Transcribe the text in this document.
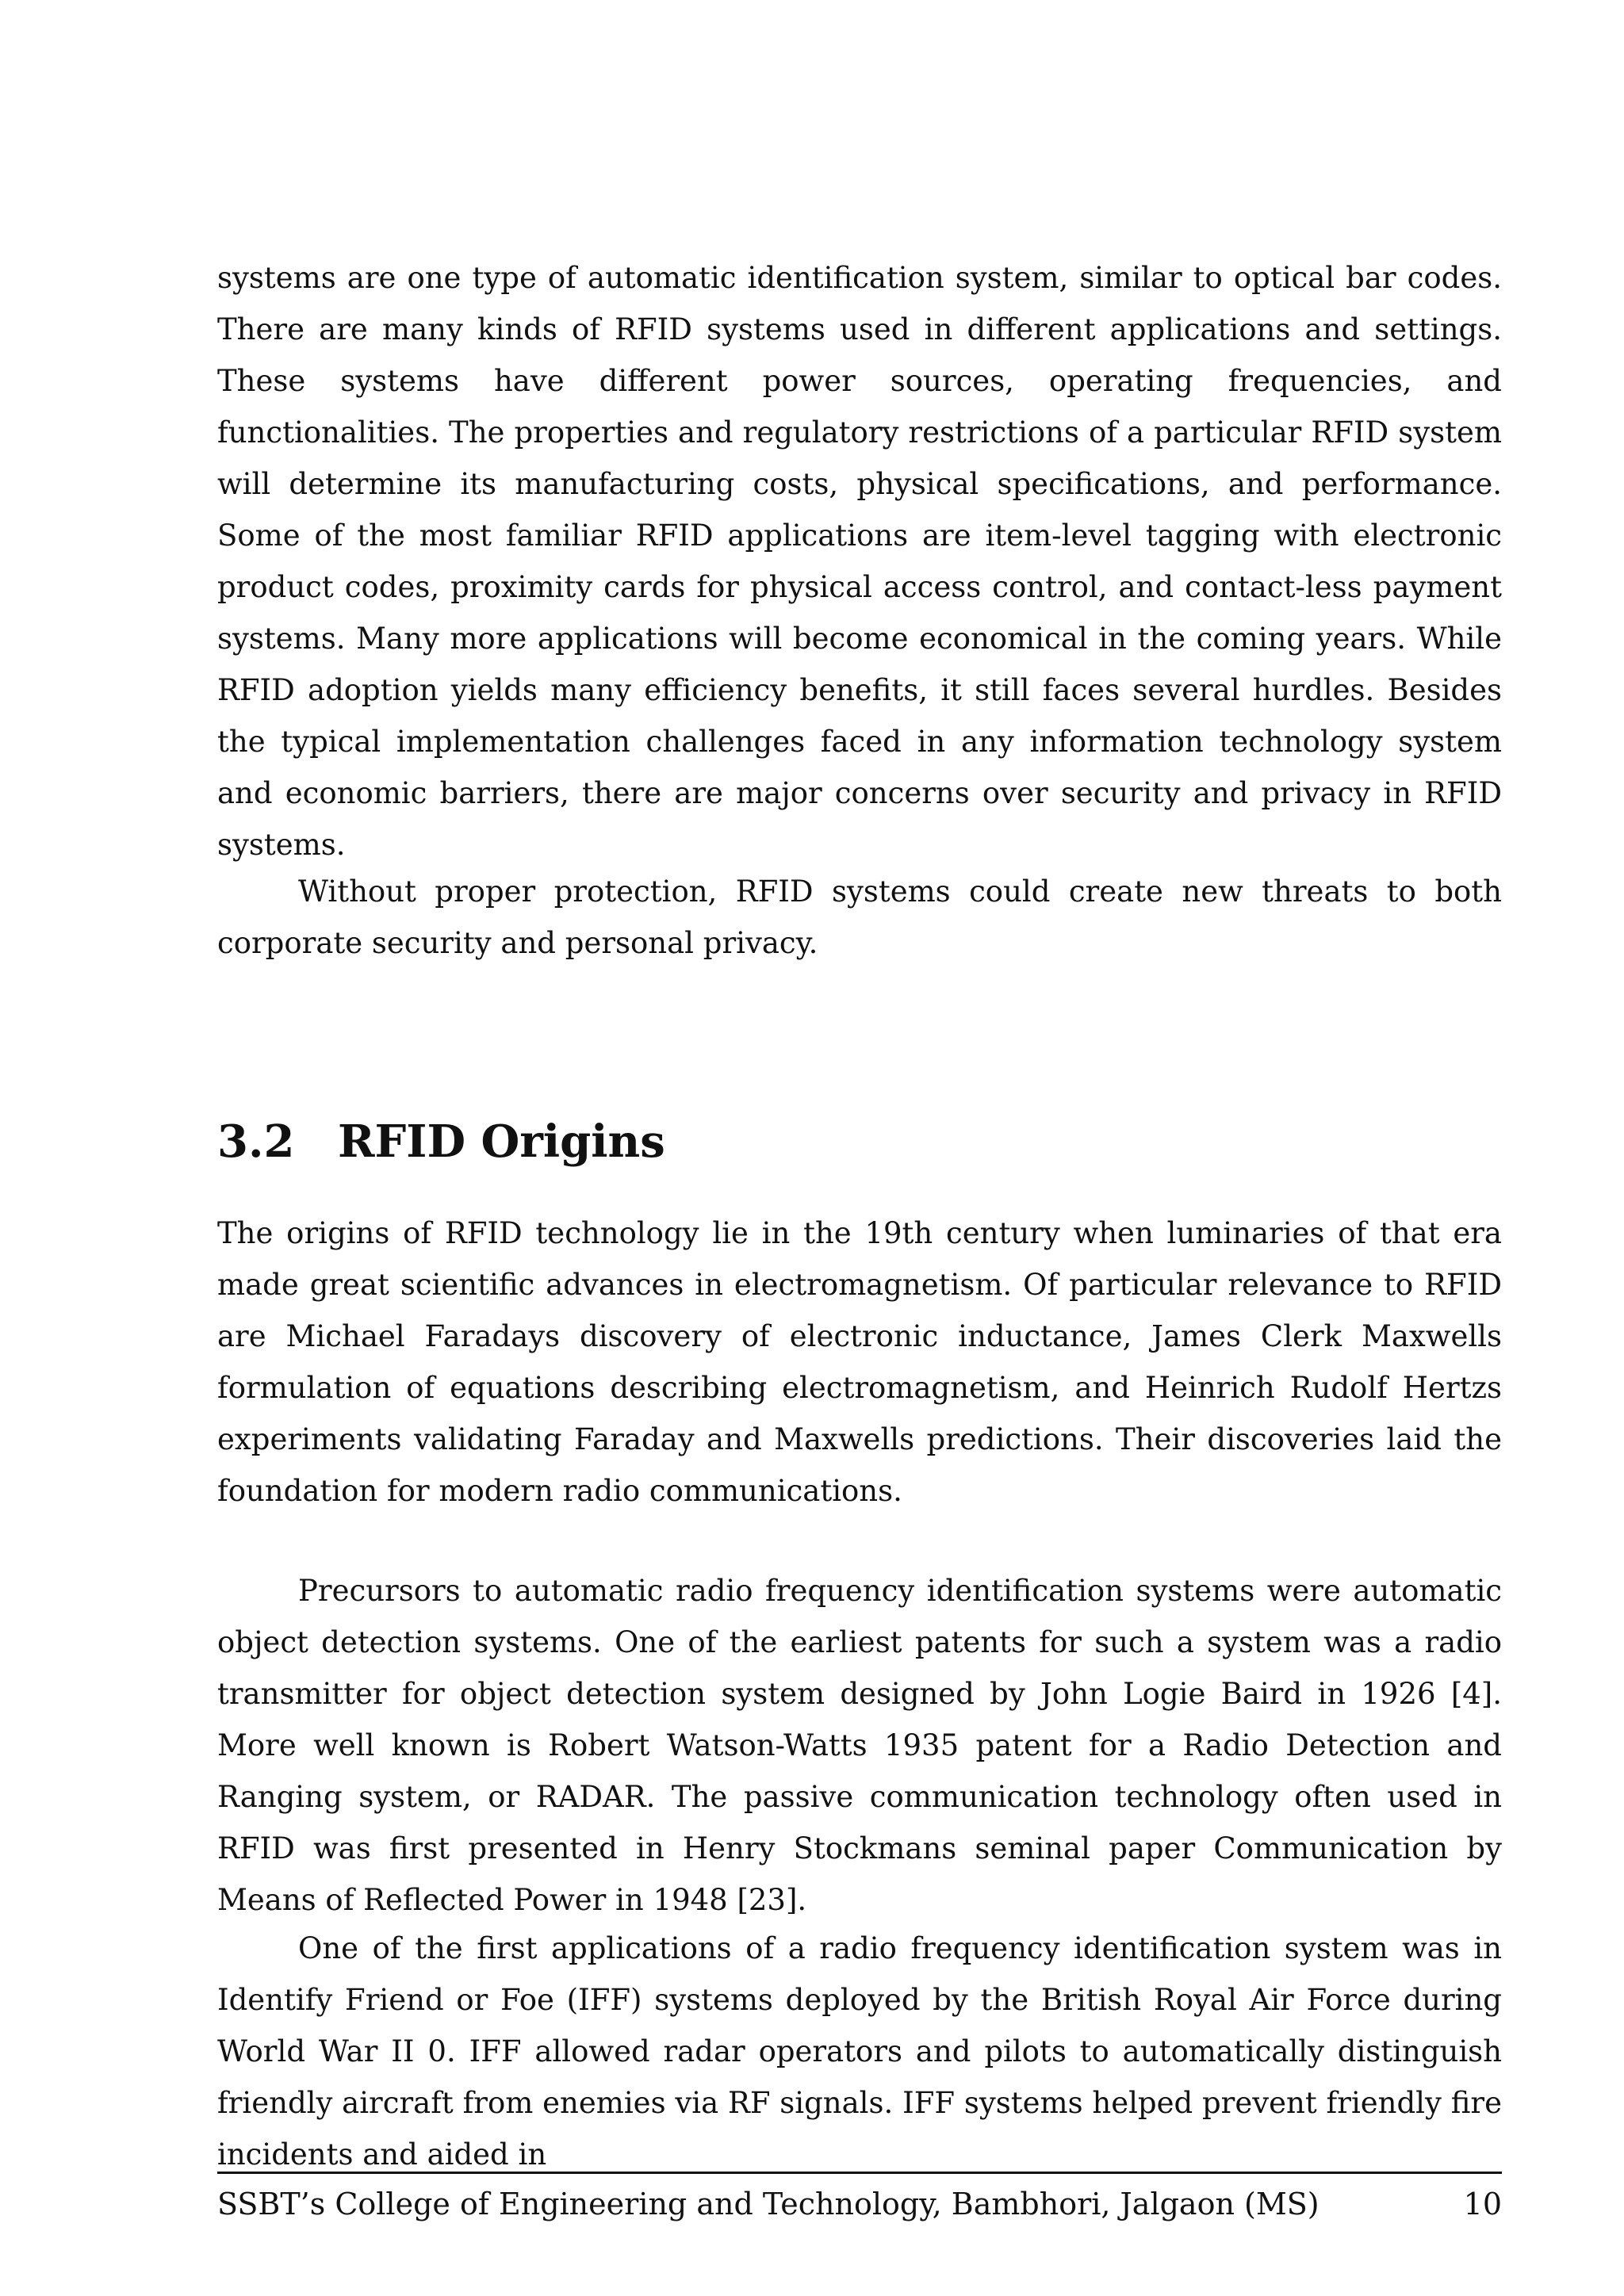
systems are one type of automatic identification system, similar to optical bar codes. There are many kinds of RFID systems used in different applications and settings. These systems have different power sources, operating frequencies, and functionalities. The properties and regulatory restrictions of a particular RFID system will determine its manufacturing costs, physical specifications, and performance. Some of the most familiar RFID applications are item-level tagging with electronic product codes, proximity cards for physical access control, and contact-less payment systems. Many more applications will become economical in the coming years. While RFID adoption yields many efficiency benefits, it still faces several hurdles. Besides the typical implementation challenges faced in any information technology system and economic barriers, there are major concerns over security and privacy in RFID systems.

Without proper protection, RFID systems could create new threats to both corporate security and personal privacy.

3.2 RFID Origins

The origins of RFID technology lie in the 19th century when luminaries of that era made great scientific advances in electromagnetism. Of particular relevance to RFID are Michael Faradays discovery of electronic inductance, James Clerk Maxwells formulation of equations describing electromagnetism, and Heinrich Rudolf Hertzs experiments validating Faraday and Maxwells predictions. Their discoveries laid the foundation for modern radio communications.

Precursors to automatic radio frequency identification systems were automatic object detection systems. One of the earliest patents for such a system was a radio transmitter for object detection system designed by John Logie Baird in 1926 [4]. More well known is Robert Watson-Watts 1935 patent for a Radio Detection and Ranging system, or RADAR. The passive communication technology often used in RFID was first presented in Henry Stockmans seminal paper Communication by Means of Reflected Power in 1948 [23].

One of the first applications of a radio frequency identification system was in Identify Friend or Foe (IFF) systems deployed by the British Royal Air Force during World War II 0. IFF allowed radar operators and pilots to automatically distinguish friendly aircraft from enemies via RF signals. IFF systems helped prevent friendly fire incidents and aided in

SSBT’s College of Engineering and Technology, Bambhori, Jalgaon (MS)	10
